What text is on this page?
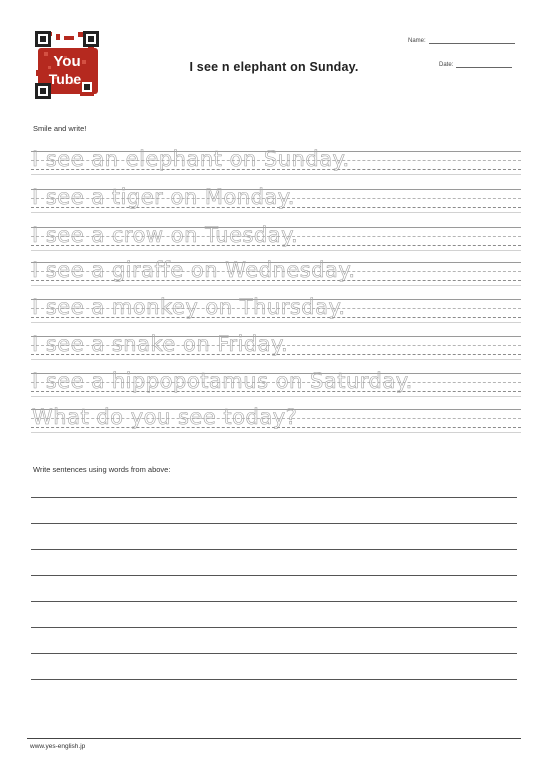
You
Tube
I see n elephant on Sunday.
Name:
Date:
Smile and write!
I see an elephant on Sunday.
I see a tiger on Monday.
I see a crow on Tuesday.
I see a giraffe on Wednesday.
I see a monkey on Thursday.
I see a snake on Friday.
I see a hippopotamus on Saturday.
What do you see today?
Write sentences using words from above:
www.yes-english.jp
